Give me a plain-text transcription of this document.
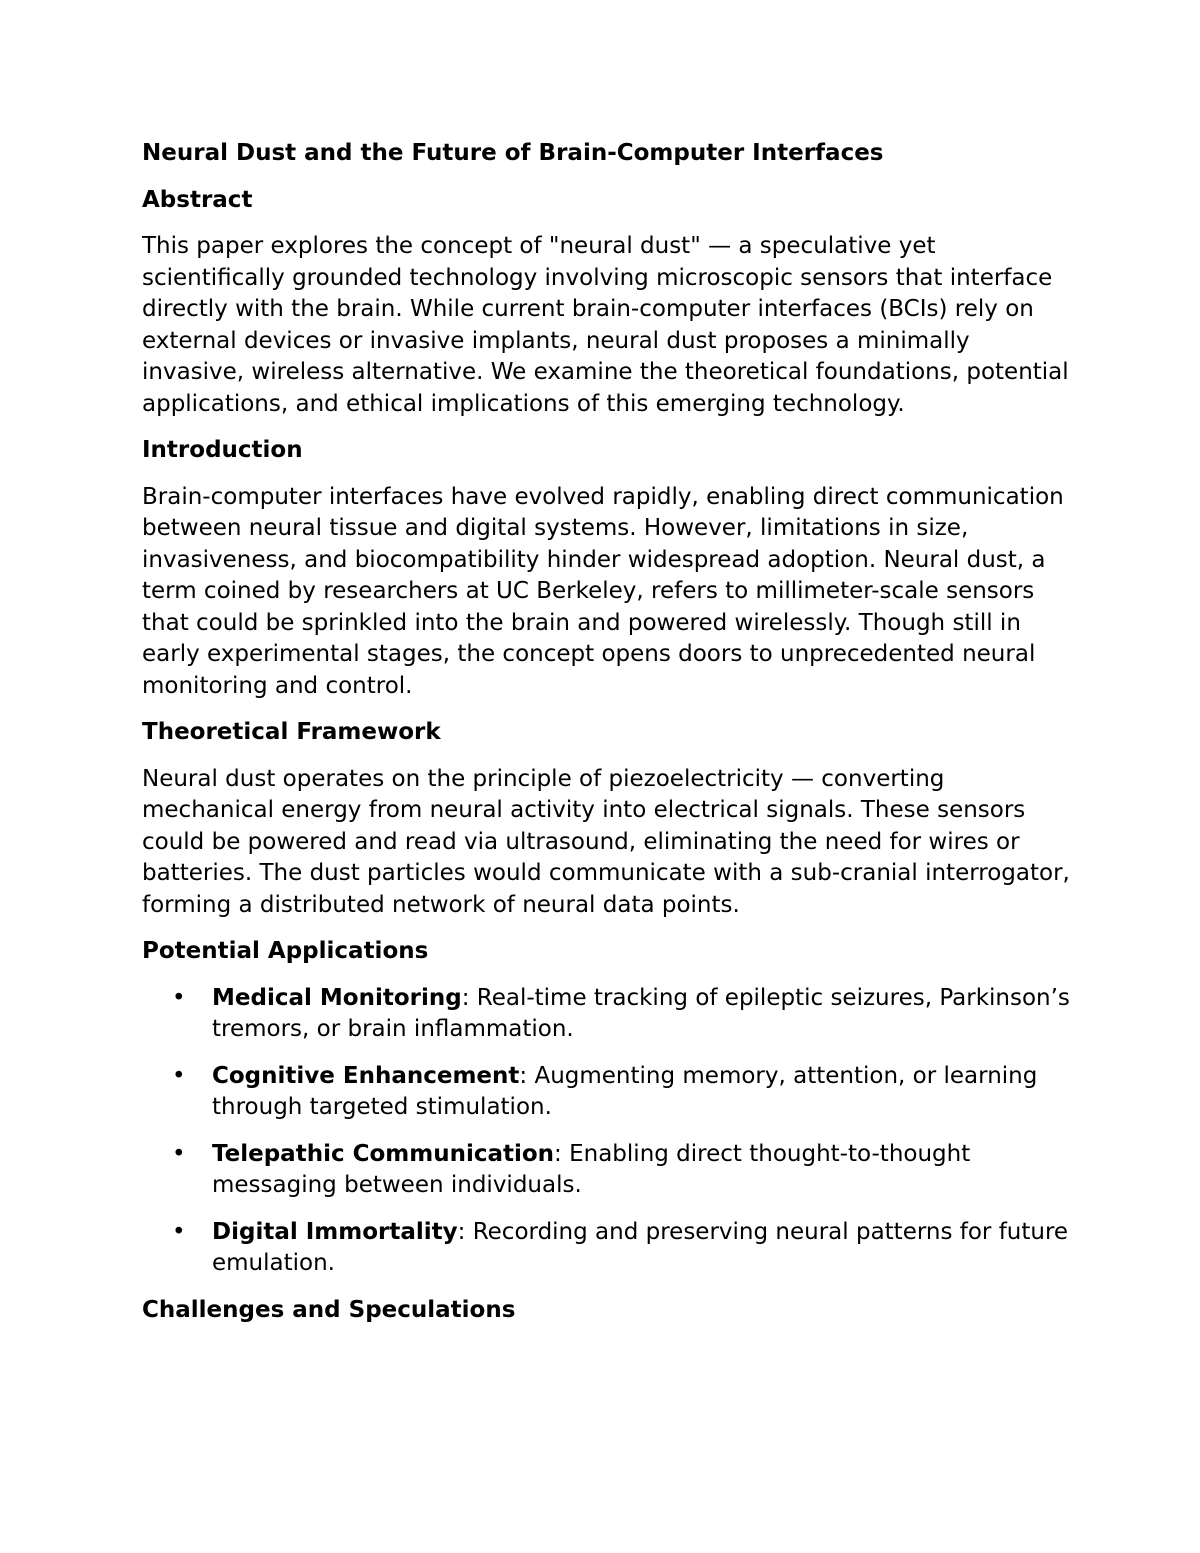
Neural Dust and the Future of Brain-Computer Interfaces
Abstract

This paper explores the concept of "neural dust" — a speculative yet scientifically grounded technology involving microscopic sensors that interface directly with the brain. While current brain-computer interfaces (BCIs) rely on external devices or invasive implants, neural dust proposes a minimally invasive, wireless alternative. We examine the theoretical foundations, potential applications, and ethical implications of this emerging technology.

Introduction

Brain-computer interfaces have evolved rapidly, enabling direct communication between neural tissue and digital systems. However, limitations in size, invasiveness, and biocompatibility hinder widespread adoption. Neural dust, a term coined by researchers at UC Berkeley, refers to millimeter-scale sensors that could be sprinkled into the brain and powered wirelessly. Though still in early experimental stages, the concept opens doors to unprecedented neural monitoring and control.

Theoretical Framework

Neural dust operates on the principle of piezoelectricity — converting mechanical energy from neural activity into electrical signals. These sensors could be powered and read via ultrasound, eliminating the need for wires or batteries. The dust particles would communicate with a sub-cranial interrogator, forming a distributed network of neural data points.

Potential Applications
• Medical Monitoring: Real-time tracking of epileptic seizures, Parkinson’s tremors, or brain inflammation.
• Cognitive Enhancement: Augmenting memory, attention, or learning through targeted stimulation.
• Telepathic Communication: Enabling direct thought-to-thought messaging between individuals.
• Digital Immortality: Recording and preserving neural patterns for future emulation.
Challenges and Speculations
